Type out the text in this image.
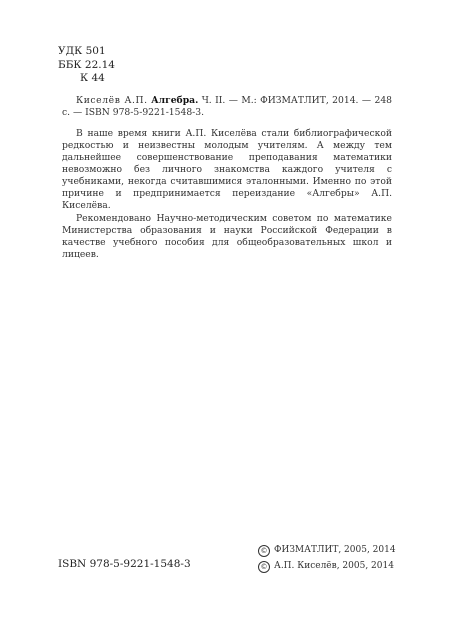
УДК 501
ББК 22.14
К 44

Киселёв А.П. Алгебра. Ч. II. — М.: ФИЗМАТЛИТ, 2014. — 248 с. — ISBN 978-5-9221-1548-3.

В наше время книги А.П. Киселёва стали библиографической редкостью и неизвестны молодым учителям. А между тем дальнейшее совершенствование преподавания математики невозможно без личного знакомства каждого учителя с учебниками, некогда считавшимися эталонными. Именно по этой причине и предпринимается переиздание «Алгебры» А.П. Киселёва.

Рекомендовано Научно-методическим советом по математике Министерства образования и науки Российской Федерации в качестве учебного пособия для общеобразовательных школ и лицеев.

ISBN 978-5-9221-1548-3
© ФИЗМАТЛИТ, 2005, 2014
© А.П. Киселёв, 2005, 2014
